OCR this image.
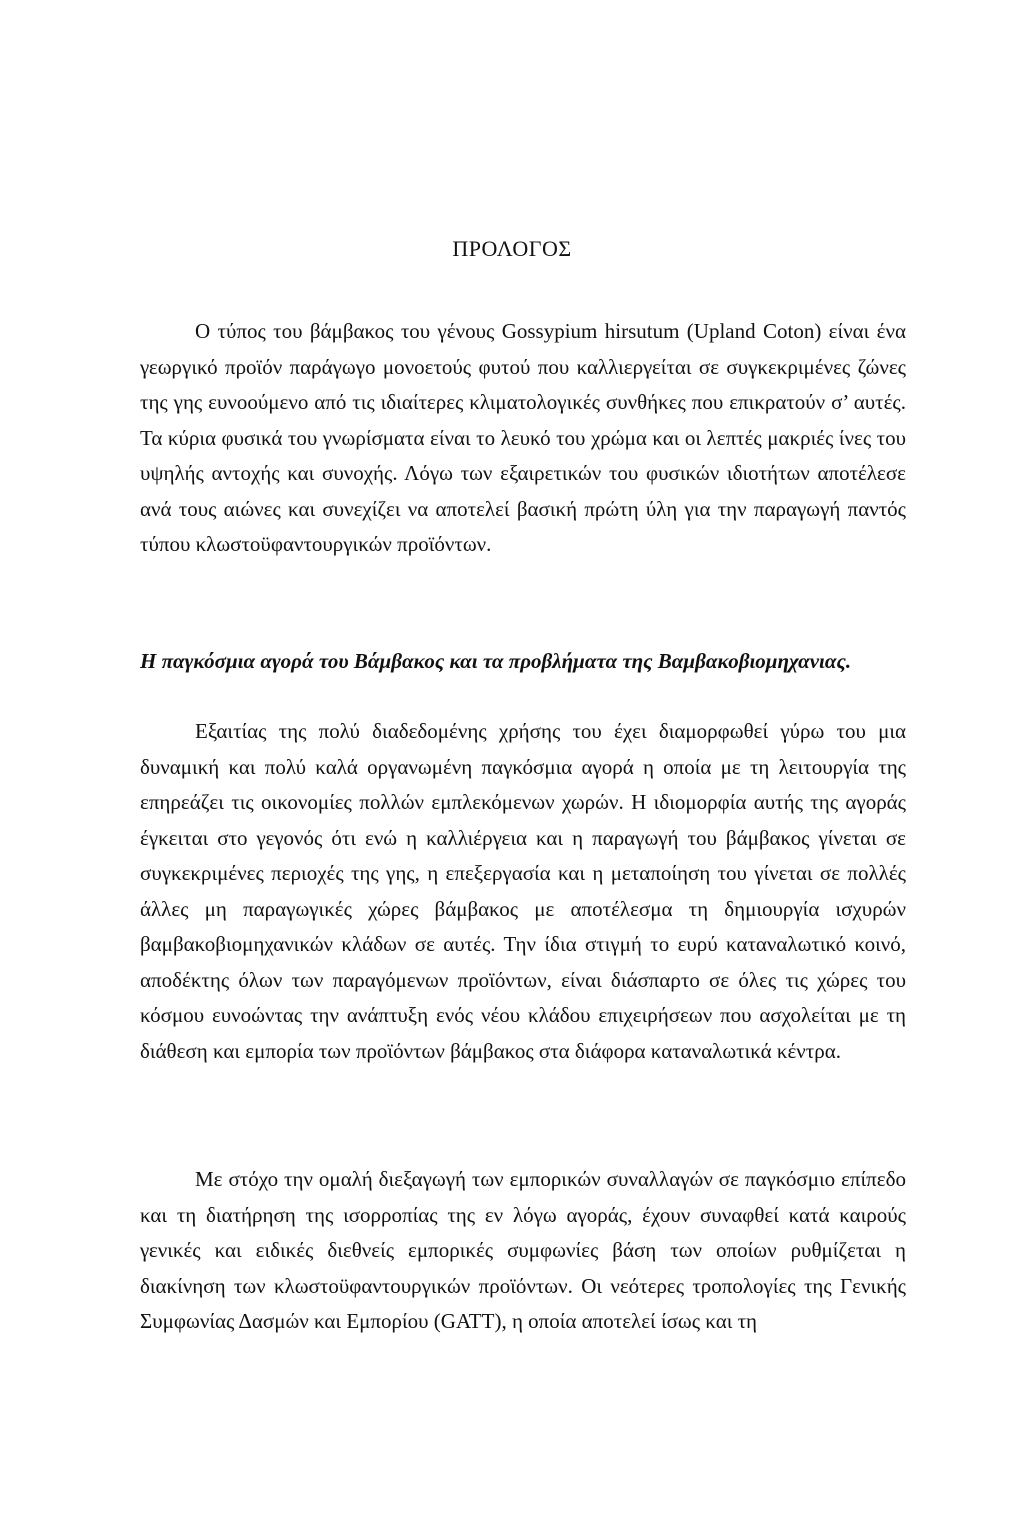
ΠΡΟΛΟΓΟΣ

Ο τύπος του βάμβακος του γένους Gossypium hirsutum (Upland Coton) είναι ένα γεωργικό προϊόν παράγωγο μονοετούς φυτού που καλλιεργείται σε συγκεκριμένες ζώνες της γης ευνοούμενο από τις ιδιαίτερες κλιματολογικές συνθήκες που επικρατούν σ’ αυτές. Τα κύρια φυσικά του γνωρίσματα είναι το λευκό του χρώμα και οι λεπτές μακριές ίνες του υψηλής αντοχής και συνοχής. Λόγω των εξαιρετικών του φυσικών ιδιοτήτων αποτέλεσε ανά τους αιώνες και συνεχίζει να αποτελεί βασική πρώτη ύλη για την παραγωγή παντός τύπου κλωστοϋφαντουργικών προϊόντων.

Η παγκόσμια αγορά του Βάμβακος και τα προβλήματα της Βαμβακοβιομηχανιας.

Εξαιτίας της πολύ διαδεδομένης χρήσης του έχει διαμορφωθεί γύρω του μια δυναμική και πολύ καλά οργανωμένη παγκόσμια αγορά η οποία με τη λειτουργία της επηρεάζει τις οικονομίες πολλών εμπλεκόμενων χωρών. Η ιδιομορφία αυτής της αγοράς έγκειται στο γεγονός ότι ενώ η καλλιέργεια και η παραγωγή του βάμβακος γίνεται σε συγκεκριμένες περιοχές της γης, η επεξεργασία και η μεταποίηση του γίνεται σε πολλές άλλες μη παραγωγικές χώρες βάμβακος με αποτέλεσμα τη δημιουργία ισχυρών βαμβακοβιομηχανικών κλάδων σε αυτές. Την ίδια στιγμή το ευρύ καταναλωτικό κοινό, αποδέκτης όλων των παραγόμενων προϊόντων, είναι διάσπαρτο σε όλες τις χώρες του κόσμου ευνοώντας την ανάπτυξη ενός νέου κλάδου επιχειρήσεων που ασχολείται με τη διάθεση και εμπορία των προϊόντων βάμβακος στα διάφορα καταναλωτικά κέντρα.

Με στόχο την ομαλή διεξαγωγή των εμπορικών συναλλαγών σε παγκόσμιο επίπεδο και τη διατήρηση της ισορροπίας της εν λόγω αγοράς, έχουν συναφθεί κατά καιρούς γενικές και ειδικές διεθνείς εμπορικές συμφωνίες βάση των οποίων ρυθμίζεται η διακίνηση των κλωστοϋφαντουργικών προϊόντων. Οι νεότερες τροπολογίες της Γενικής Συμφωνίας Δασμών και Εμπορίου (GATT), η οποία αποτελεί ίσως και τη
